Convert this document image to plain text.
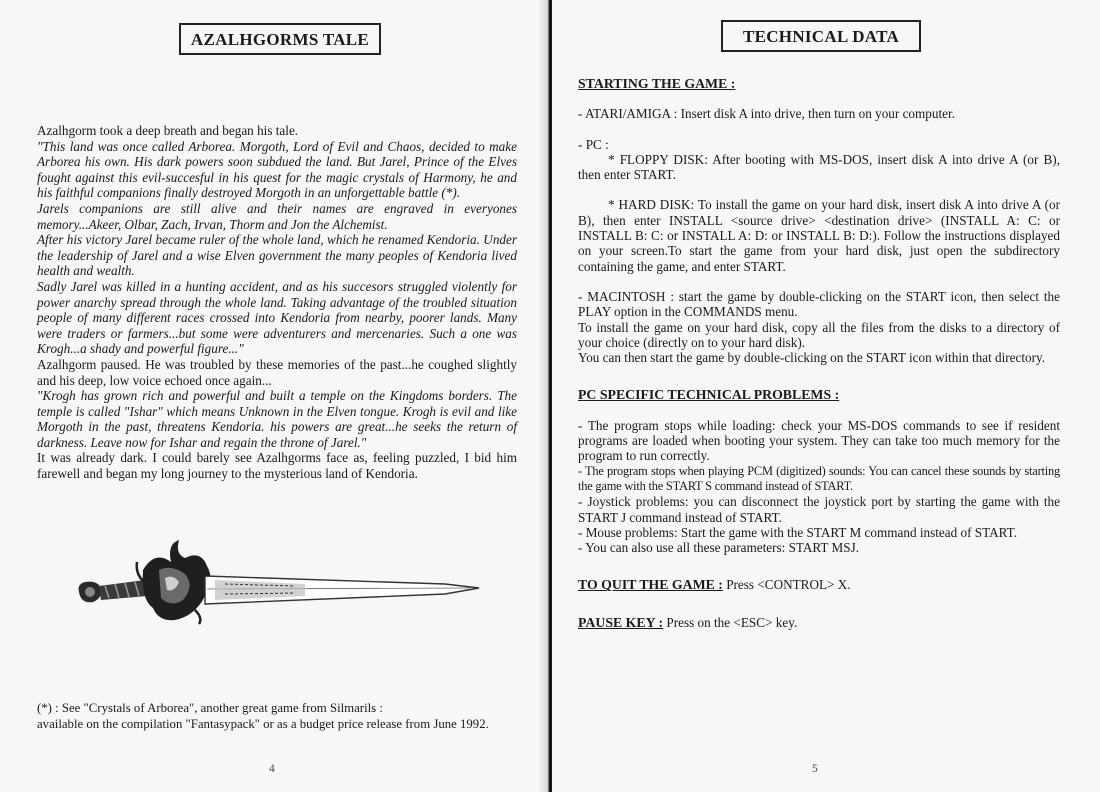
AZALHGORMS TALE

Azalhgorm took a deep breath and began his tale.

"This land was once called Arborea. Morgoth, Lord of Evil and Chaos, decided to make Arborea his own. His dark powers soon subdued the land. But Jarel, Prince of the Elves fought against this evil-succesful in his quest for the magic crystals of Harmony, he and his faithful companions finally destroyed Morgoth in an unforgettable battle (*).

Jarels companions are still alive and their names are engraved in everyones memory...Akeer, Olbar, Zach, Irvan, Thorm and Jon the Alchemist.

After his victory Jarel became ruler of the whole land, which he renamed Kendoria. Under the leadership of Jarel and a wise Elven government the many peoples of Kendoria lived health and wealth.

Sadly Jarel was killed in a hunting accident, and as his succesors struggled violently for power anarchy spread through the whole land. Taking advantage of the troubled situation people of many different races crossed into Kendoria from nearby, poorer lands. Many were traders or farmers...but some were adventurers and mercenaries. Such a one was Krogh...a shady and powerful figure..."

Azalhgorm paused. He was troubled by these memories of the past...he coughed slightly and his deep, low voice echoed once again...

"Krogh has grown rich and powerful and built a temple on the Kingdoms borders. The temple is called "Ishar" which means Unknown in the Elven tongue. Krogh is evil and like Morgoth in the past, threatens Kendoria. his powers are great...he seeks the return of darkness. Leave now for Ishar and regain the throne of Jarel."

It was already dark. I could barely see Azalhgorms face as, feeling puzzled, I bid him farewell and began my long journey to the mysterious land of Kendoria.

(*) : See "Crystals of Arborea", another great game from Silmarils :

available on the compilation "Fantasypack" or as a budget price release from June 1992.

4
TECHNICAL DATA

STARTING THE GAME :

- ATARI/AMIGA : Insert disk A into drive, then turn on your computer.

- PC :

* FLOPPY DISK: After booting with MS-DOS, insert disk A into drive A (or B), then enter START.

* HARD DISK: To install the game on your hard disk, insert disk A into drive A (or B), then enter INSTALL <source drive> <destination drive> (INSTALL A: C: or INSTALL B: C: or INSTALL A: D: or INSTALL B: D:). Follow the instructions displayed on your screen.To start the game from your hard disk, just open the subdirectory containing the game, and enter START.

- MACINTOSH : start the game by double-clicking on the START icon, then select the PLAY option in the COMMANDS menu.

To install the game on your hard disk, copy all the files from the disks to a directory of your choice (directly on to your hard disk).

You can then start the game by double-clicking on the START icon within that directory.

PC SPECIFIC TECHNICAL PROBLEMS :

- The program stops while loading: check your MS-DOS commands to see if resident programs are loaded when booting your system. They can take too much memory for the program to run correctly.

- The program stops when playing PCM (digitized) sounds: You can cancel these sounds by starting the game with the START S command instead of START.

- Joystick problems: you can disconnect the joystick port by starting the game with the START J command instead of START.

- Mouse problems: Start the game with the START M command instead of START.

- You can also use all these parameters: START MSJ.

TO QUIT THE GAME : Press <CONTROL> X.

PAUSE KEY : Press on the <ESC> key.

5
